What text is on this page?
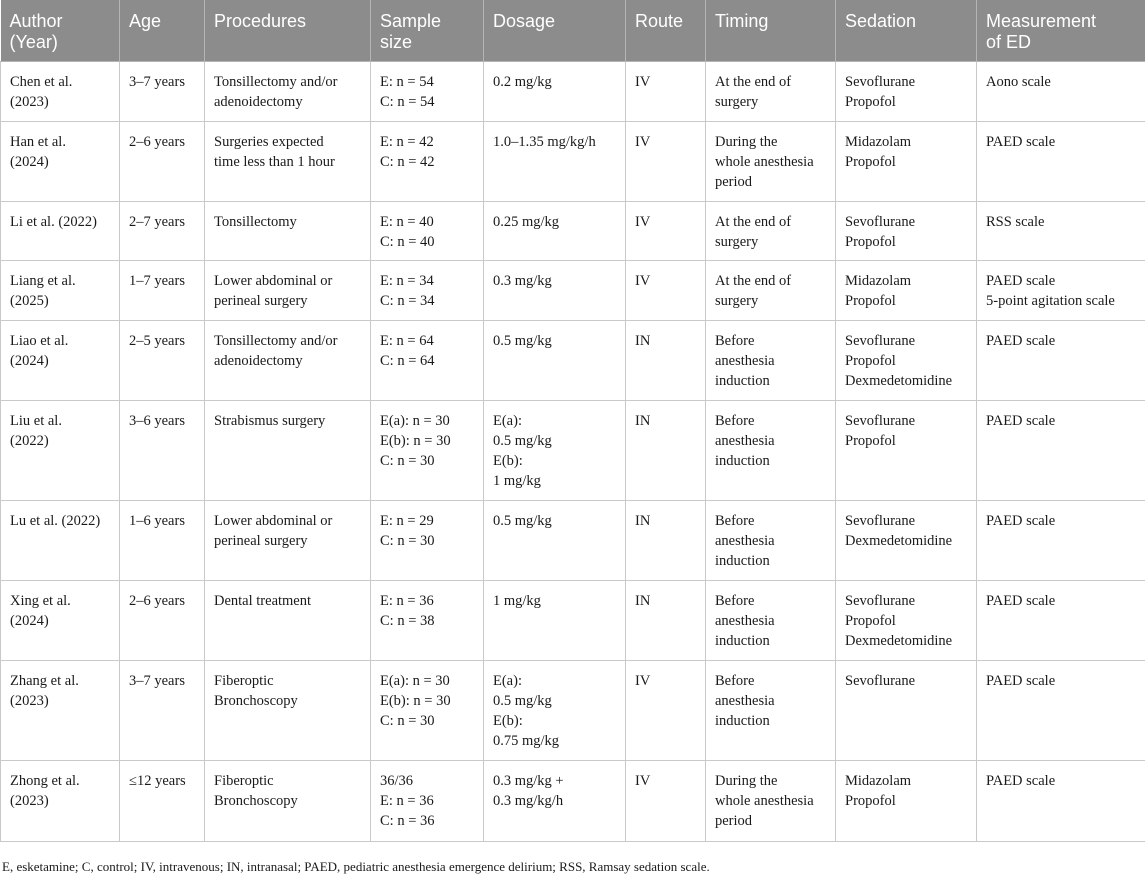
Author
(Year)	Age	Procedures	Sample
size	Dosage	Route	Timing	Sedation	Measurement
of ED

Chen et al.
(2023)	3–7 years	Tonsillectomy and/or
adenoidectomy	E: n = 54
C: n = 54	0.2 mg/kg	IV	At the end of
surgery	Sevoflurane
Propofol	Aono scale

Han et al.
(2024)	2–6 years	Surgeries expected
time less than 1 hour	E: n = 42
C: n = 42	1.0–1.35 mg/kg/h	IV	During the
whole anesthesia
period	Midazolam
Propofol	PAED scale

Li et al. (2022)	2–7 years	Tonsillectomy	E: n = 40
C: n = 40	0.25 mg/kg	IV	At the end of
surgery	Sevoflurane
Propofol	RSS scale

Liang et al.
(2025)	1–7 years	Lower abdominal or
perineal surgery	E: n = 34
C: n = 34	0.3 mg/kg	IV	At the end of
surgery	Midazolam
Propofol	PAED scale
5-point agitation scale

Liao et al.
(2024)	2–5 years	Tonsillectomy and/or
adenoidectomy	E: n = 64
C: n = 64	0.5 mg/kg	IN	Before
anesthesia
induction	Sevoflurane
Propofol
Dexmedetomidine	PAED scale

Liu et al.
(2022)	3–6 years	Strabismus surgery	E(a): n = 30
E(b): n = 30
C: n = 30	E(a):
0.5 mg/kg
E(b):
1 mg/kg	IN	Before
anesthesia
induction	Sevoflurane
Propofol	PAED scale

Lu et al. (2022)	1–6 years	Lower abdominal or
perineal surgery	E: n = 29
C: n = 30	0.5 mg/kg	IN	Before
anesthesia
induction	Sevoflurane
Dexmedetomidine	PAED scale

Xing et al.
(2024)	2–6 years	Dental treatment	E: n = 36
C: n = 38	1 mg/kg	IN	Before
anesthesia
induction	Sevoflurane
Propofol
Dexmedetomidine	PAED scale

Zhang et al.
(2023)	3–7 years	Fiberoptic
Bronchoscopy	E(a): n = 30
E(b): n = 30
C: n = 30	E(a):
0.5 mg/kg
E(b):
0.75 mg/kg	IV	Before
anesthesia
induction	Sevoflurane	PAED scale

Zhong et al.
(2023)	≤12 years	Fiberoptic
Bronchoscopy	36/36
E: n = 36
C: n = 36	0.3 mg/kg +
0.3 mg/kg/h	IV	During the
whole anesthesia
period	Midazolam
Propofol	PAED scale
E, esketamine; C, control; IV, intravenous; IN, intranasal; PAED, pediatric anesthesia emergence delirium; RSS, Ramsay sedation scale.
